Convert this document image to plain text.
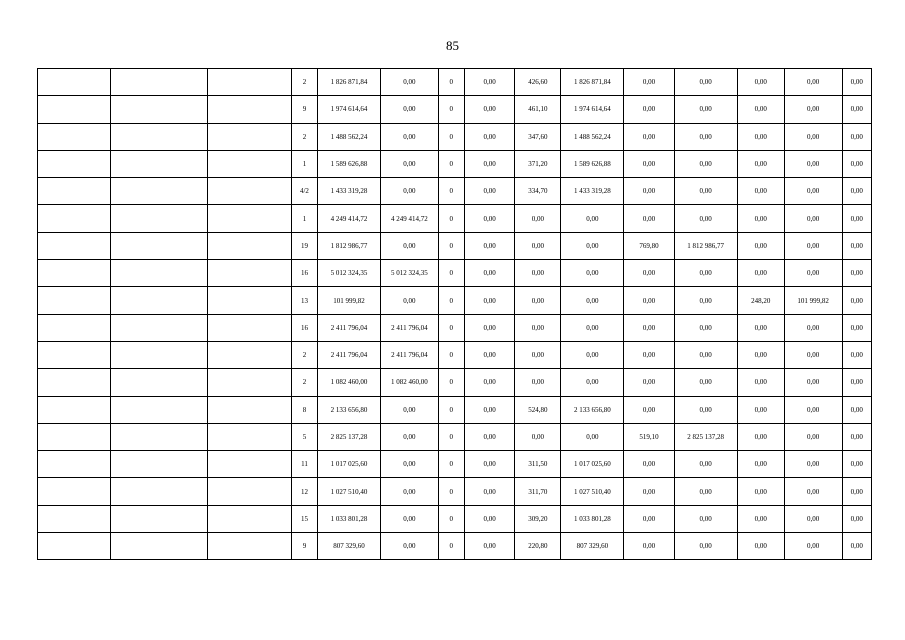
85
			2	1 826 871,84	0,00	0	0,00	426,60	1 826 871,84	0,00	0,00	0,00	0,00	0,00
			9	1 974 614,64	0,00	0	0,00	461,10	1 974 614,64	0,00	0,00	0,00	0,00	0,00
			2	1 488 562,24	0,00	0	0,00	347,60	1 488 562,24	0,00	0,00	0,00	0,00	0,00
			1	1 589 626,88	0,00	0	0,00	371,20	1 589 626,88	0,00	0,00	0,00	0,00	0,00
			4/2	1 433 319,28	0,00	0	0,00	334,70	1 433 319,28	0,00	0,00	0,00	0,00	0,00
			1	4 249 414,72	4 249 414,72	0	0,00	0,00	0,00	0,00	0,00	0,00	0,00	0,00
			19	1 812 986,77	0,00	0	0,00	0,00	0,00	769,80	1 812 986,77	0,00	0,00	0,00
			16	5 012 324,35	5 012 324,35	0	0,00	0,00	0,00	0,00	0,00	0,00	0,00	0,00
			13	101 999,82	0,00	0	0,00	0,00	0,00	0,00	0,00	248,20	101 999,82	0,00
			16	2 411 796,04	2 411 796,04	0	0,00	0,00	0,00	0,00	0,00	0,00	0,00	0,00
			2	2 411 796,04	2 411 796,04	0	0,00	0,00	0,00	0,00	0,00	0,00	0,00	0,00
			2	1 082 460,00	1 082 460,00	0	0,00	0,00	0,00	0,00	0,00	0,00	0,00	0,00
			8	2 133 656,80	0,00	0	0,00	524,80	2 133 656,80	0,00	0,00	0,00	0,00	0,00
			5	2 825 137,28	0,00	0	0,00	0,00	0,00	519,10	2 825 137,28	0,00	0,00	0,00
			11	1 017 025,60	0,00	0	0,00	311,50	1 017 025,60	0,00	0,00	0,00	0,00	0,00
			12	1 027 510,40	0,00	0	0,00	311,70	1 027 510,40	0,00	0,00	0,00	0,00	0,00
			15	1 033 801,28	0,00	0	0,00	309,20	1 033 801,28	0,00	0,00	0,00	0,00	0,00
			9	807 329,60	0,00	0	0,00	220,80	807 329,60	0,00	0,00	0,00	0,00	0,00
